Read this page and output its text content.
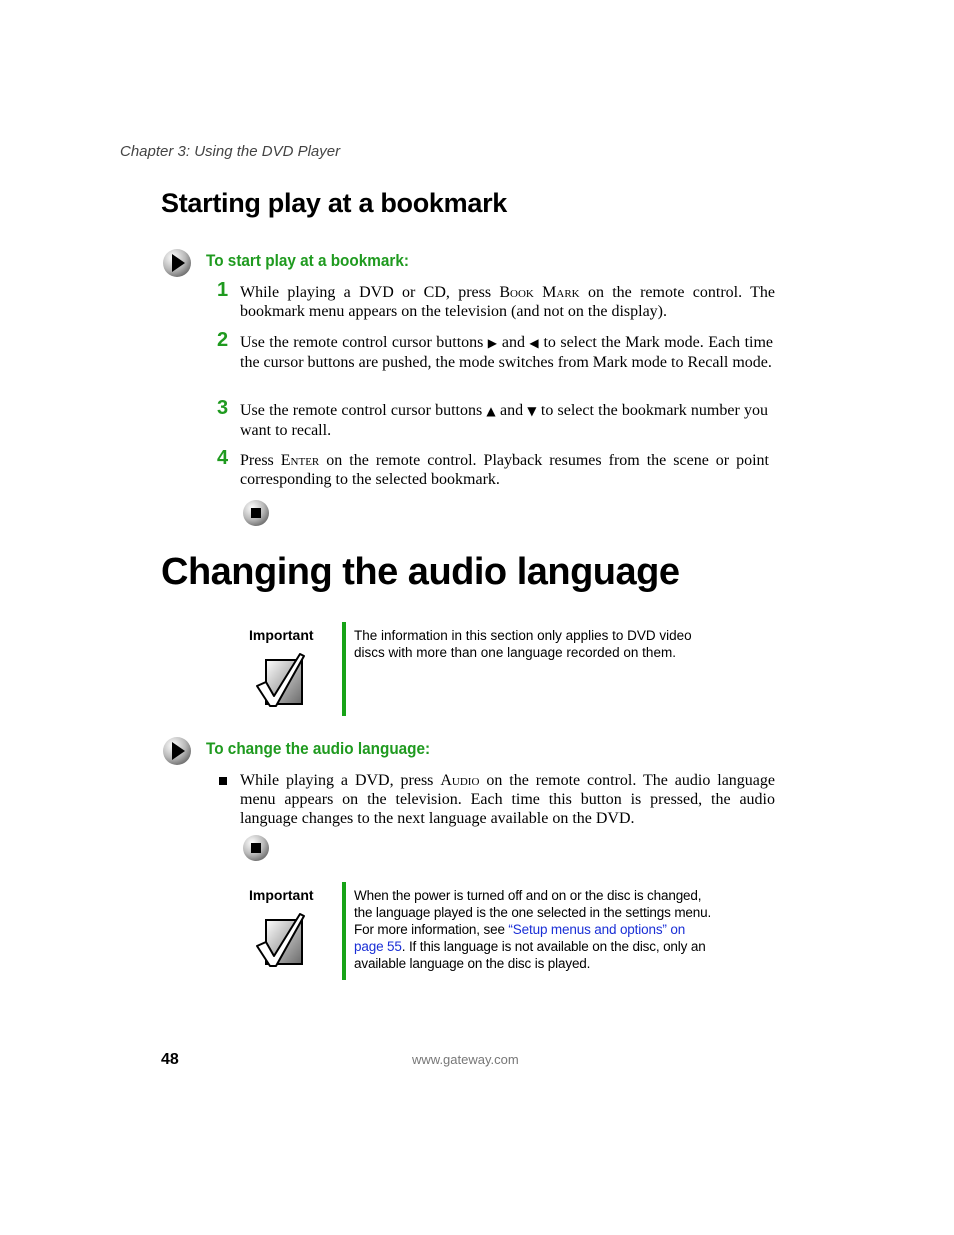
Chapter 3: Using the DVD Player
Starting play at a bookmark
To start play at a bookmark:
1 While playing a DVD or CD, press Book Mark on the remote control. The bookmark menu appears on the television (and not on the display).
2 Use the remote control cursor buttons ▶ and ◀ to select the Mark mode. Each time the cursor buttons are pushed, the mode switches from Mark mode to Recall mode.
3 Use the remote control cursor buttons ▲ and ▼ to select the bookmark number you want to recall.
4 Press Enter on the remote control. Playback resumes from the scene or point corresponding to the selected bookmark.
Changing the audio language
Important	The information in this section only applies to DVD video discs with more than one language recorded on them.
To change the audio language:
While playing a DVD, press Audio on the remote control. The audio language menu appears on the television. Each time this button is pressed, the audio language changes to the next language available on the DVD.
Important	When the power is turned off and on or the disc is changed, the language played is the one selected in the settings menu. For more information, see “Setup menus and options” on page 55. If this language is not available on the disc, only an available language on the disc is played.
48	www.gateway.com
